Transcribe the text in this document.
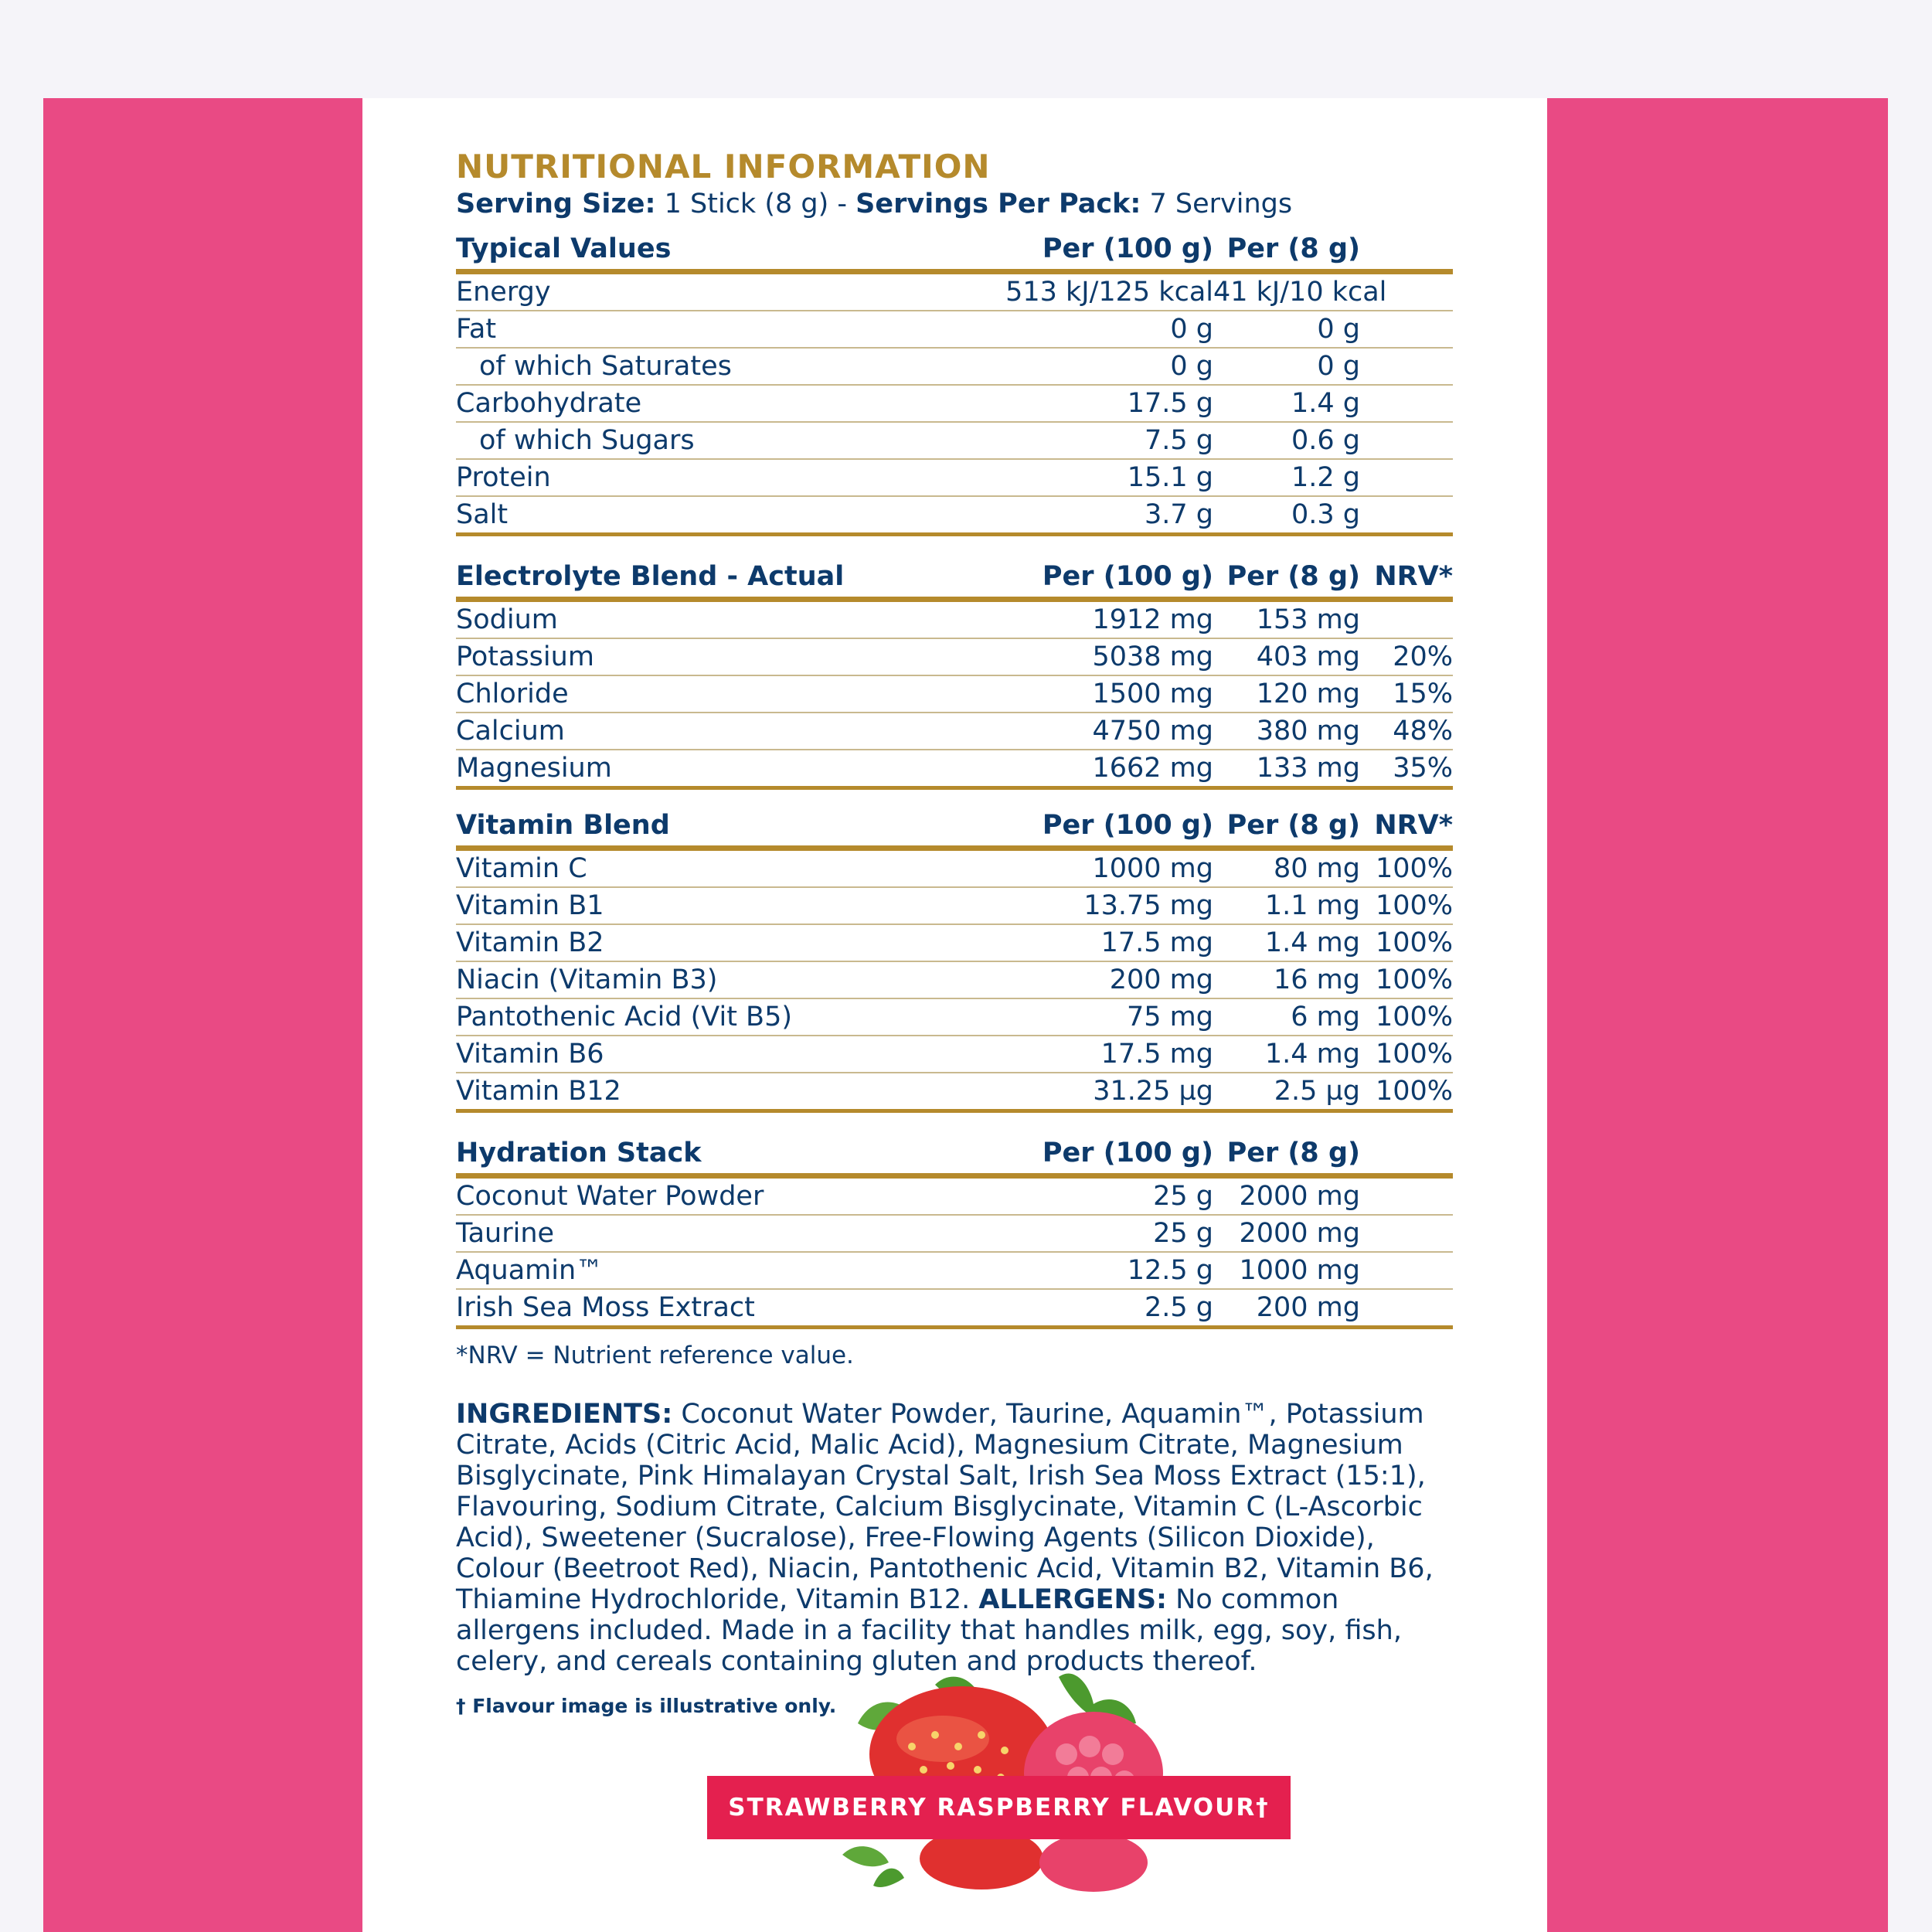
NUTRITIONAL INFORMATION
Serving Size: 1 Stick (8 g) - Servings Per Pack: 7 Servings
Typical Values	Per (100 g)	Per (8 g)	
Energy	513 kJ/125 kcal	41 kJ/10 kcal	
Fat	0 g	0 g	
of which Saturates	0 g	0 g	
Carbohydrate	17.5 g	1.4 g	
of which Sugars	7.5 g	0.6 g	
Protein	15.1 g	1.2 g	
Salt	3.7 g	0.3 g	
Electrolyte Blend - Actual	Per (100 g)	Per (8 g)	NRV*
Sodium	1912 mg	153 mg	
Potassium	5038 mg	403 mg	20%
Chloride	1500 mg	120 mg	15%
Calcium	4750 mg	380 mg	48%
Magnesium	1662 mg	133 mg	35%
Vitamin Blend	Per (100 g)	Per (8 g)	NRV*
Vitamin C	1000 mg	80 mg	100%
Vitamin B1	13.75 mg	1.1 mg	100%
Vitamin B2	17.5 mg	1.4 mg	100%
Niacin (Vitamin B3)	200 mg	16 mg	100%
Pantothenic Acid (Vit B5)	75 mg	6 mg	100%
Vitamin B6	17.5 mg	1.4 mg	100%
Vitamin B12	31.25 µg	2.5 µg	100%
Hydration Stack	Per (100 g)	Per (8 g)	
Coconut Water Powder	25 g	2000 mg	
Taurine	25 g	2000 mg	
Aquamin™	12.5 g	1000 mg	
Irish Sea Moss Extract	2.5 g	200 mg	
*NRV = Nutrient reference value.
INGREDIENTS: Coconut Water Powder, Taurine, Aquamin™, Potassium Citrate, Acids (Citric Acid, Malic Acid), Magnesium Citrate, Magnesium Bisglycinate, Pink Himalayan Crystal Salt, Irish Sea Moss Extract (15:1), Flavouring, Sodium Citrate, Calcium Bisglycinate, Vitamin C (L-Ascorbic Acid), Sweetener (Sucralose), Free-Flowing Agents (Silicon Dioxide), Colour (Beetroot Red), Niacin, Pantothenic Acid, Vitamin B2, Vitamin B6, Thiamine Hydrochloride, Vitamin B12. ALLERGENS: No common allergens included. Made in a facility that handles milk, egg, soy, fish, celery, and cereals containing gluten and products thereof.
† Flavour image is illustrative only.
STRAWBERRY RASPBERRY FLAVOUR†
